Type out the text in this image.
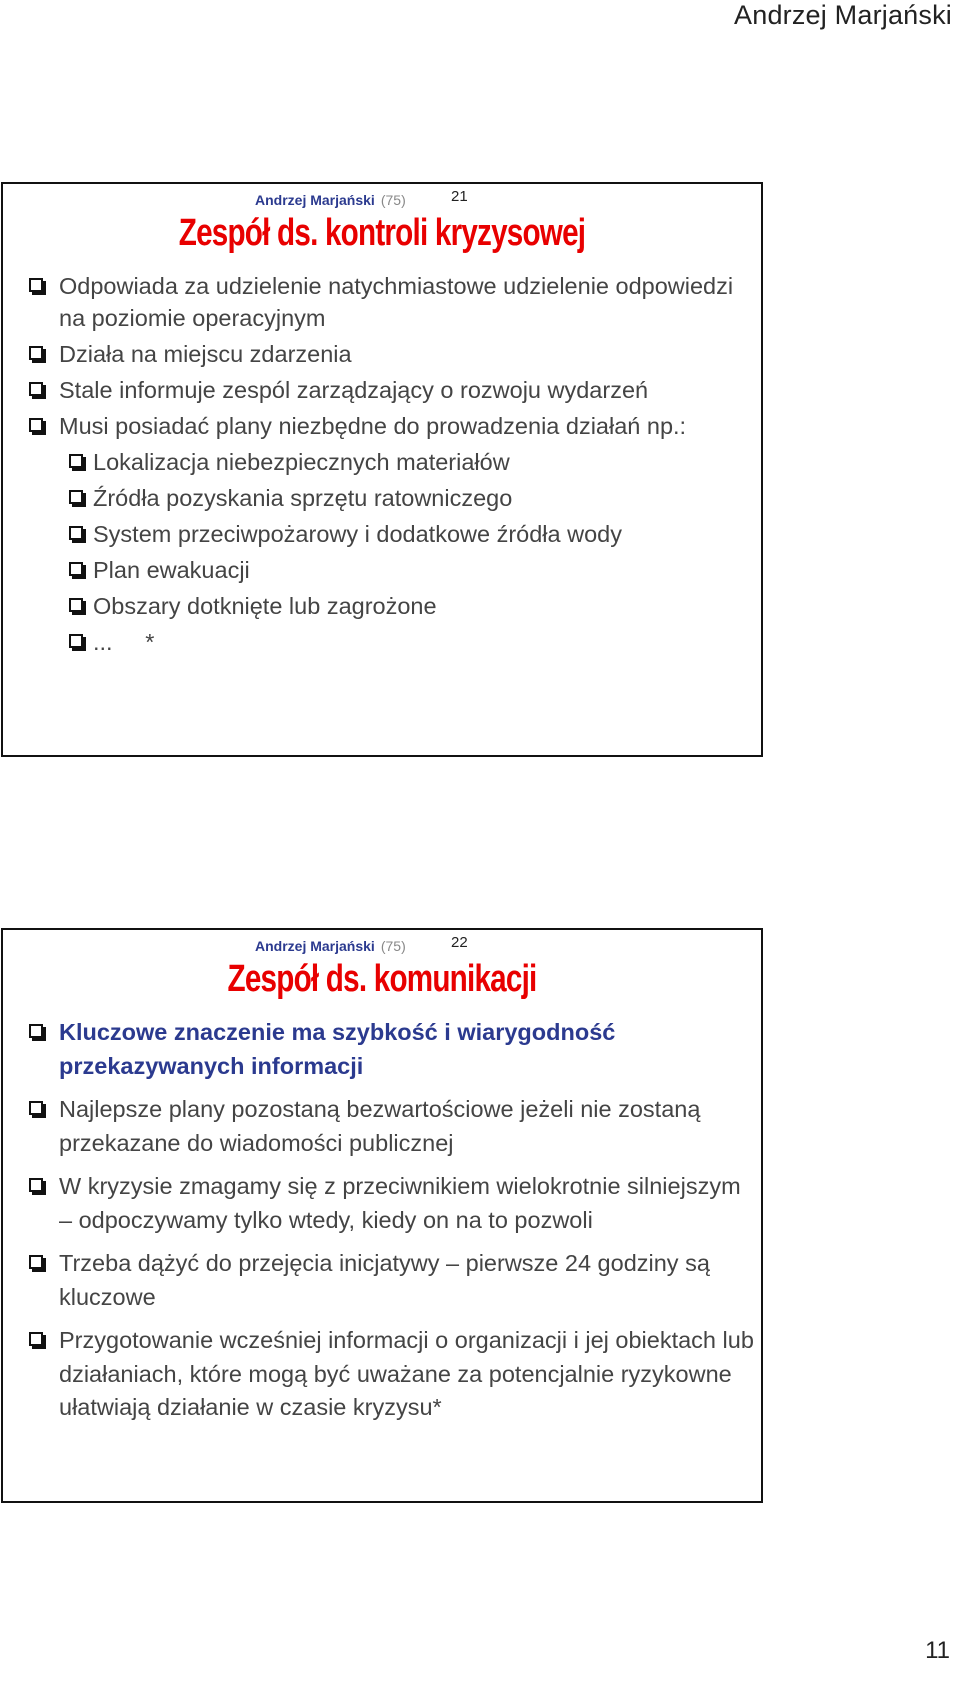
Andrzej Marjański
Andrzej Marjański (75)	21
Zespół ds. kontroli kryzysowej
Odpowiada za udzielenie natychmiastowe udzielenie odpowiedzi na poziomie operacyjnym
Działa na miejscu zdarzenia
Stale informuje zespól zarządzający o rozwoju wydarzeń
Musi posiadać plany niezbędne do prowadzenia działań np.:
Lokalizacja niebezpiecznych materiałów
Źródła pozyskania sprzętu ratowniczego
System przeciwpożarowy i dodatkowe źródła wody
Plan ewakuacji
Obszary dotknięte lub zagrożone
...     *
Andrzej Marjański (75)	22
Zespół ds. komunikacji
Kluczowe znaczenie ma szybkość i wiarygodność przekazywanych informacji
Najlepsze plany pozostaną bezwartościowe jeżeli nie zostaną przekazane do wiadomości publicznej
W kryzysie zmagamy się z przeciwnikiem wielokrotnie silniejszym – odpoczywamy tylko wtedy, kiedy on na to pozwoli
Trzeba dążyć do przejęcia inicjatywy – pierwsze 24 godziny są kluczowe
Przygotowanie wcześniej informacji o organizacji i jej obiektach lub działaniach, które mogą być uważane za potencjalnie ryzykowne ułatwiają działanie w czasie kryzysu*
11
